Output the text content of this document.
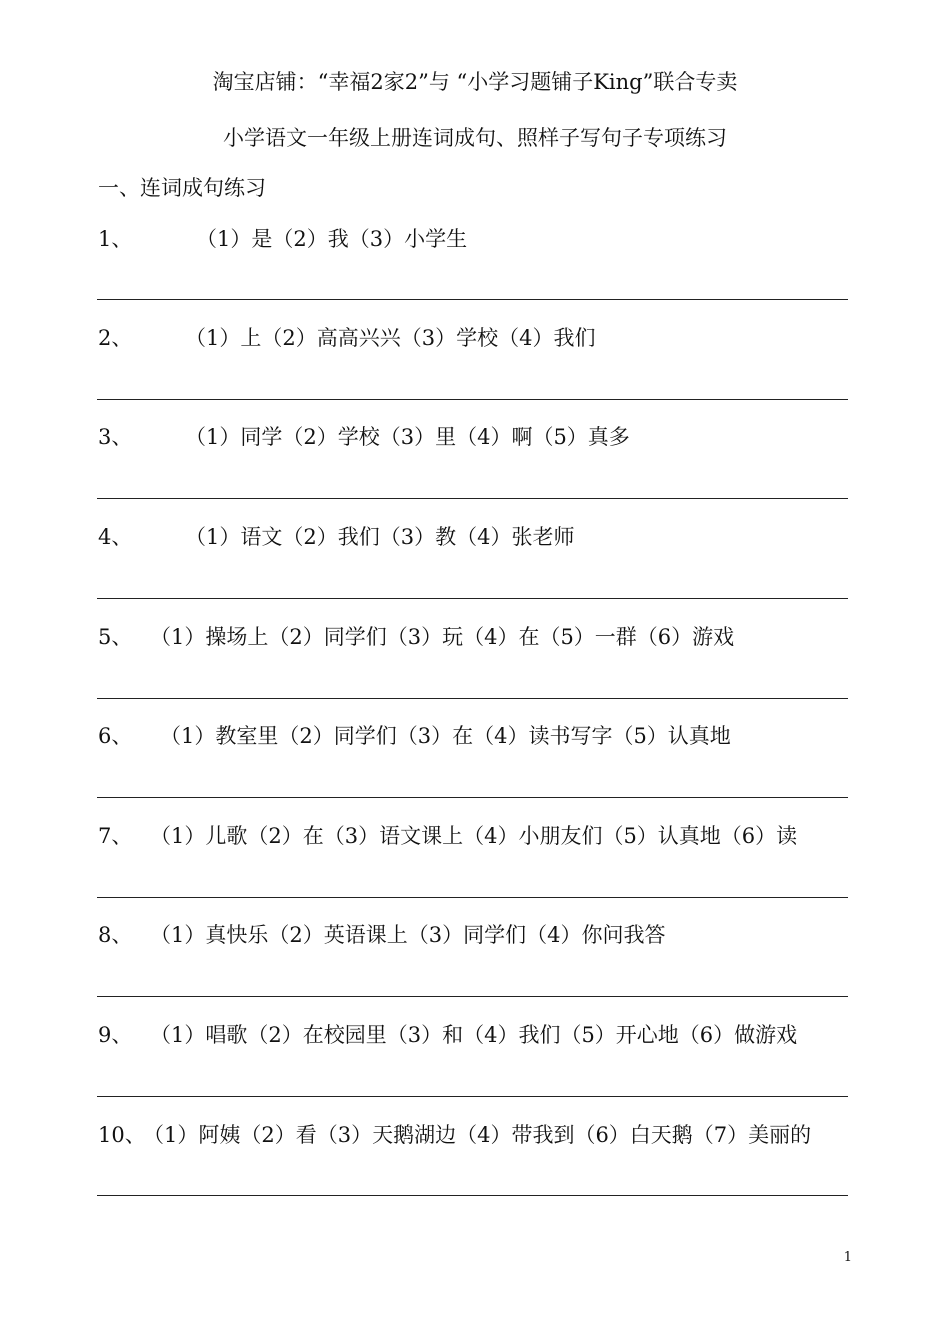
淘宝店铺：“幸福2家2”与 “小学习题铺子King”联合专卖
小学语文一年级上册连词成句、照样子写句子专项练习
一、连词成句练习
1、	（1）是（2）我（3）小学生
2、	（1）上（2）高高兴兴（3）学校（4）我们
3、	（1）同学（2）学校（3）里（4）啊（5）真多
4、	（1）语文（2）我们（3）教（4）张老师
5、 （1）操场上（2）同学们（3）玩（4）在（5）一群（6）游戏
6、 （1）教室里（2）同学们（3）在（4）读书写字（5）认真地
7、 （1）儿歌（2）在（3）语文课上（4）小朋友们（5）认真地（6）读
8、 （1）真快乐（2）英语课上（3）同学们（4）你问我答
9、 （1）唱歌（2）在校园里（3）和（4）我们（5）开心地（6）做游戏
10、
（1）阿姨（2）看（3）天鹅湖边（4）带我到（6）白天鹅（7）美丽的
1
